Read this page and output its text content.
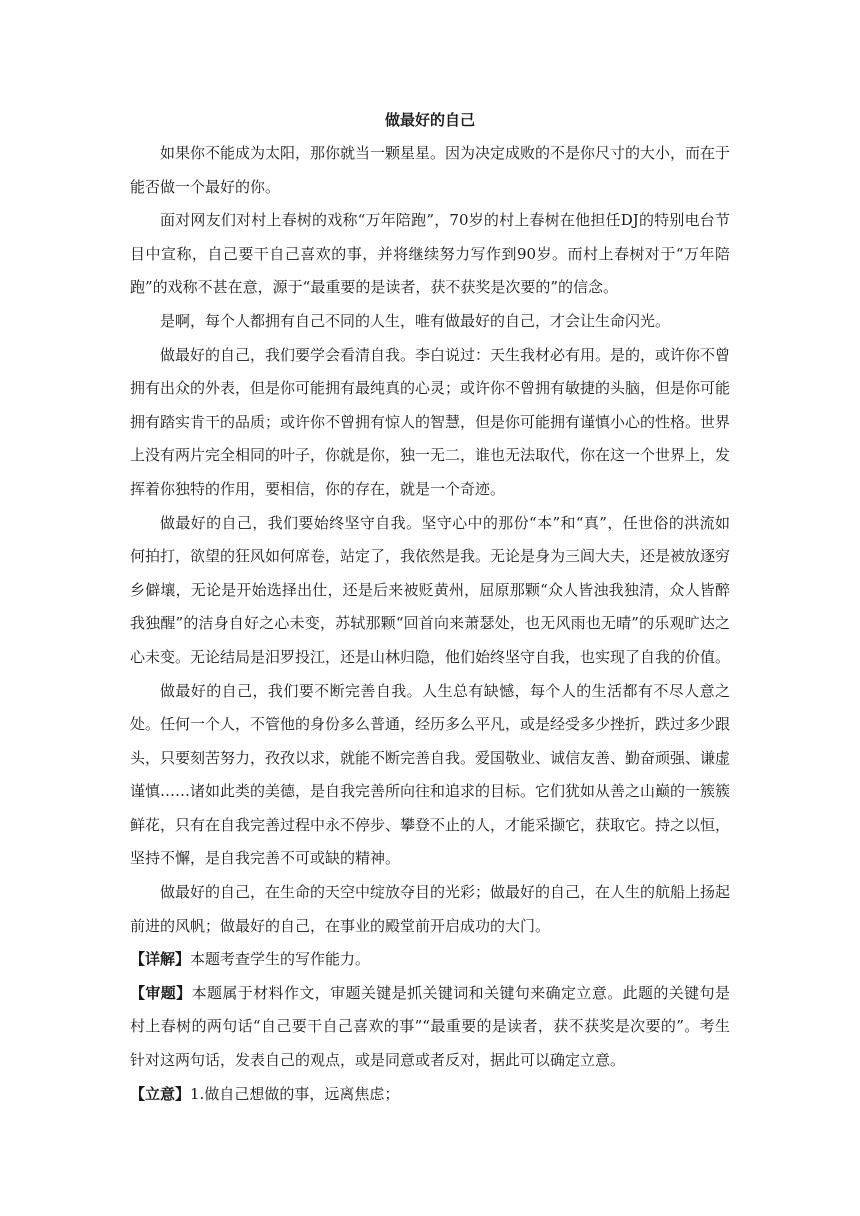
做最好的自己

如果你不能成为太阳，那你就当一颗星星。因为决定成败的不是你尺寸的大小，而在于能否做一个最好的你。

面对网友们对村上春树的戏称“万年陪跑”，70岁的村上春树在他担任DJ的特别电台节目中宣称，自己要干自己喜欢的事，并将继续努力写作到90岁。而村上春树对于“万年陪跑”的戏称不甚在意，源于“最重要的是读者，获不获奖是次要的”的信念。

是啊，每个人都拥有自己不同的人生，唯有做最好的自己，才会让生命闪光。

做最好的自己，我们要学会看清自我。李白说过：天生我材必有用。是的，或许你不曾拥有出众的外表，但是你可能拥有最纯真的心灵；或许你不曾拥有敏捷的头脑，但是你可能拥有踏实肯干的品质；或许你不曾拥有惊人的智慧，但是你可能拥有谨慎小心的性格。世界上没有两片完全相同的叶子，你就是你，独一无二，谁也无法取代，你在这一个世界上，发挥着你独特的作用，要相信，你的存在，就是一个奇迹。

做最好的自己，我们要始终坚守自我。坚守心中的那份“本”和“真”，任世俗的洪流如何拍打，欲望的狂风如何席卷，站定了，我依然是我。无论是身为三闾大夫，还是被放逐穷乡僻壤，无论是开始选择出仕，还是后来被贬黄州，屈原那颗“众人皆浊我独清，众人皆醉我独醒”的洁身自好之心未变，苏轼那颗“回首向来萧瑟处，也无风雨也无晴”的乐观旷达之心未变。无论结局是汨罗投江，还是山林归隐，他们始终坚守自我，也实现了自我的价值。

做最好的自己，我们要不断完善自我。人生总有缺憾，每个人的生活都有不尽人意之处。任何一个人，不管他的身份多么普通，经历多么平凡，或是经受多少挫折，跌过多少跟头，只要刻苦努力，孜孜以求，就能不断完善自我。爱国敬业、诚信友善、勤奋顽强、谦虚谨慎……诸如此类的美德，是自我完善所向往和追求的目标。它们犹如从善之山巅的一簇簇鲜花，只有在自我完善过程中永不停步、攀登不止的人，才能采撷它，获取它。持之以恒，坚持不懈，是自我完善不可或缺的精神。

做最好的自己，在生命的天空中绽放夺目的光彩；做最好的自己，在人生的航船上扬起前进的风帆；做最好的自己，在事业的殿堂前开启成功的大门。

【详解】本题考查学生的写作能力。

【审题】本题属于材料作文，审题关键是抓关键词和关键句来确定立意。此题的关键句是村上春树的两句话“自己要干自己喜欢的事”“最重要的是读者，获不获奖是次要的”。考生针对这两句话，发表自己的观点，或是同意或者反对，据此可以确定立意。

【立意】1.做自己想做的事，远离焦虑；
